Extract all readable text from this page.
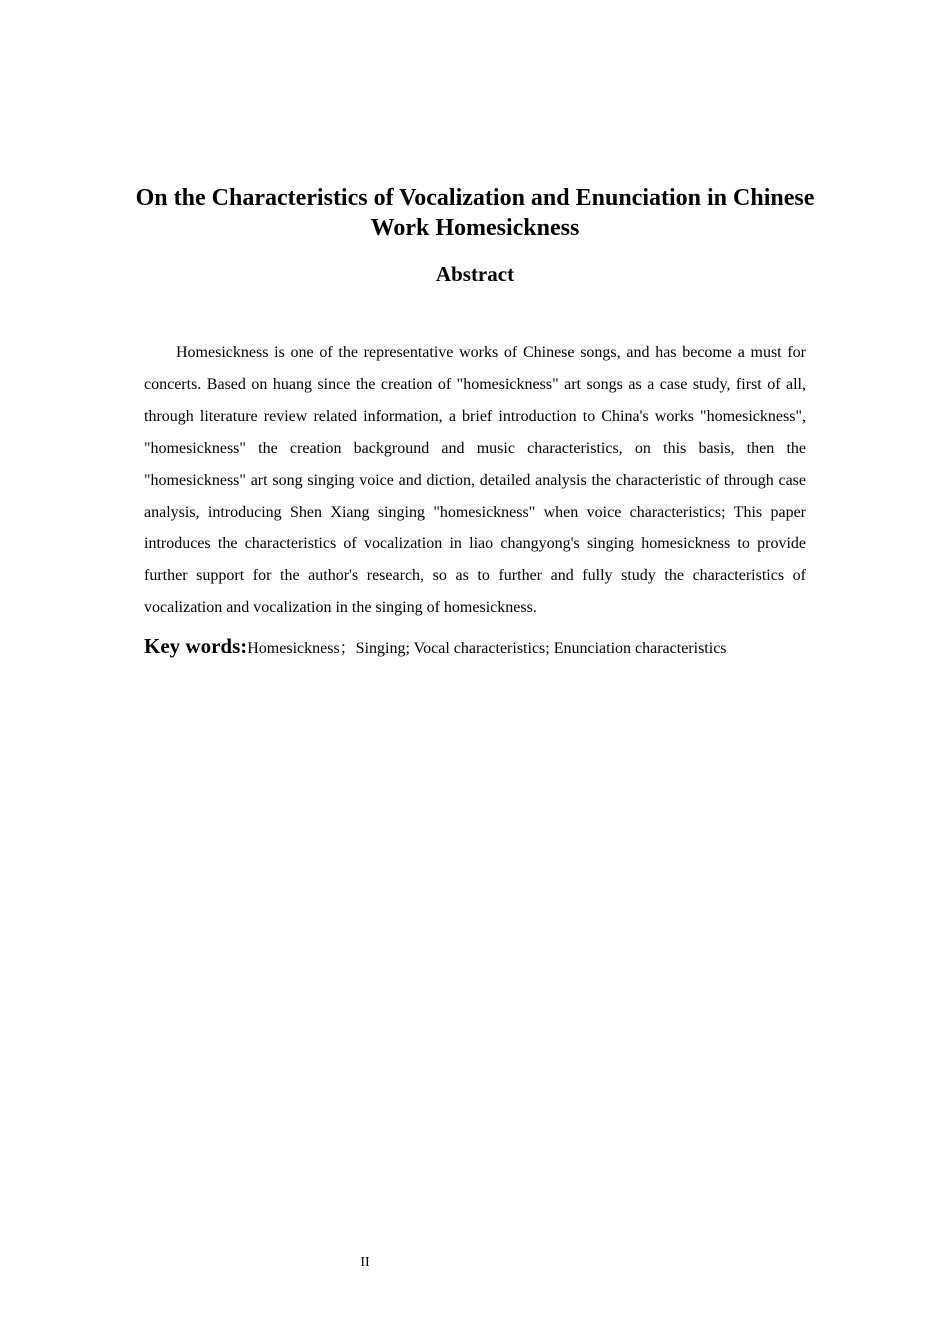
On the Characteristics of Vocalization and Enunciation in Chinese Work Homesickness
Abstract

Homesickness is one of the representative works of Chinese songs, and has become a must for concerts. Based on huang since the creation of "homesickness" art songs as a case study, first of all, through literature review related information, a brief introduction to China's works "homesickness", "homesickness" the creation background and music characteristics, on this basis, then the "homesickness" art song singing voice and diction, detailed analysis the characteristic of through case analysis, introducing Shen Xiang singing "homesickness" when voice characteristics; This paper introduces the characteristics of vocalization in liao changyong's singing homesickness to provide further support for the author's research, so as to further and fully study the characteristics of vocalization and vocalization in the singing of homesickness.

Key words:Homesickness；Singing; Vocal characteristics; Enunciation characteristics

II
